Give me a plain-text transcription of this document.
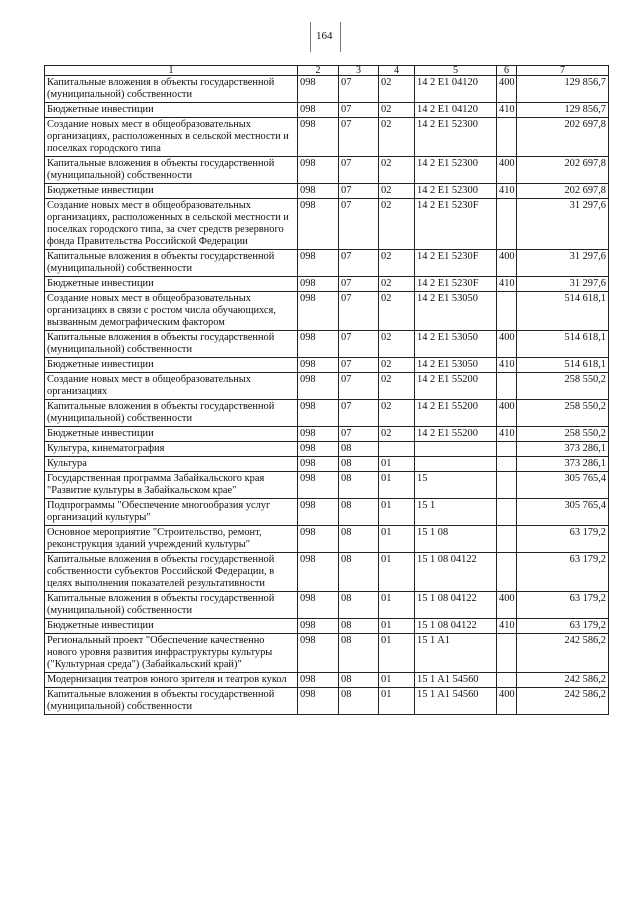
164
1	2	3	4	5	6	7
Капитальные вложения в объекты государственной (муниципальной) собственности	098	07	02	14 2 E1 04120	400	129 856,7
Бюджетные инвестиции	098	07	02	14 2 E1 04120	410	129 856,7
Создание новых мест в общеобразовательных организациях, расположенных в сельской местности и поселках городского типа	098	07	02	14 2 E1 52300		202 697,8
Капитальные вложения в объекты государственной (муниципальной) собственности	098	07	02	14 2 E1 52300	400	202 697,8
Бюджетные инвестиции	098	07	02	14 2 E1 52300	410	202 697,8
Создание новых мест в общеобразовательных организациях, расположенных в сельской местности и поселках городского типа, за счет средств резервного фонда Правительства Российской Федерации	098	07	02	14 2 E1 5230F		31 297,6
Капитальные вложения в объекты государственной (муниципальной) собственности	098	07	02	14 2 E1 5230F	400	31 297,6
Бюджетные инвестиции	098	07	02	14 2 E1 5230F	410	31 297,6
Создание новых мест в общеобразовательных организациях в связи с ростом числа обучающихся, вызванным демографическим фактором	098	07	02	14 2 E1 53050		514 618,1
Капитальные вложения в объекты государственной (муниципальной) собственности	098	07	02	14 2 E1 53050	400	514 618,1
Бюджетные инвестиции	098	07	02	14 2 E1 53050	410	514 618,1
Создание новых мест в общеобразовательных организациях	098	07	02	14 2 E1 55200		258 550,2
Капитальные вложения в объекты государственной (муниципальной) собственности	098	07	02	14 2 E1 55200	400	258 550,2
Бюджетные инвестиции	098	07	02	14 2 E1 55200	410	258 550,2
Культура, кинематография	098	08				373 286,1
Культура	098	08	01			373 286,1
Государственная программа Забайкальского края "Развитие культуры в Забайкальском крае"	098	08	01	15		305 765,4
Подпрограммы "Обеспечение многообразия услуг организаций культуры"	098	08	01	15 1		305 765,4
Основное мероприятие "Строительство, ремонт, реконструкция зданий учреждений культуры"	098	08	01	15 1 08		63 179,2
Капитальные вложения в объекты государственной собственности субъектов Российской Федерации, в целях выполнения показателей результативности	098	08	01	15 1 08 04122		63 179,2
Капитальные вложения в объекты государственной (муниципальной) собственности	098	08	01	15 1 08 04122	400	63 179,2
Бюджетные инвестиции	098	08	01	15 1 08 04122	410	63 179,2
Региональный проект "Обеспечение качественно нового уровня развития инфраструктуры культуры ("Культурная среда") (Забайкальский край)"	098	08	01	15 1 A1		242 586,2
Модернизация театров юного зрителя и театров кукол	098	08	01	15 1 A1 54560		242 586,2
Капитальные вложения в объекты государственной (муниципальной) собственности	098	08	01	15 1 A1 54560	400	242 586,2
